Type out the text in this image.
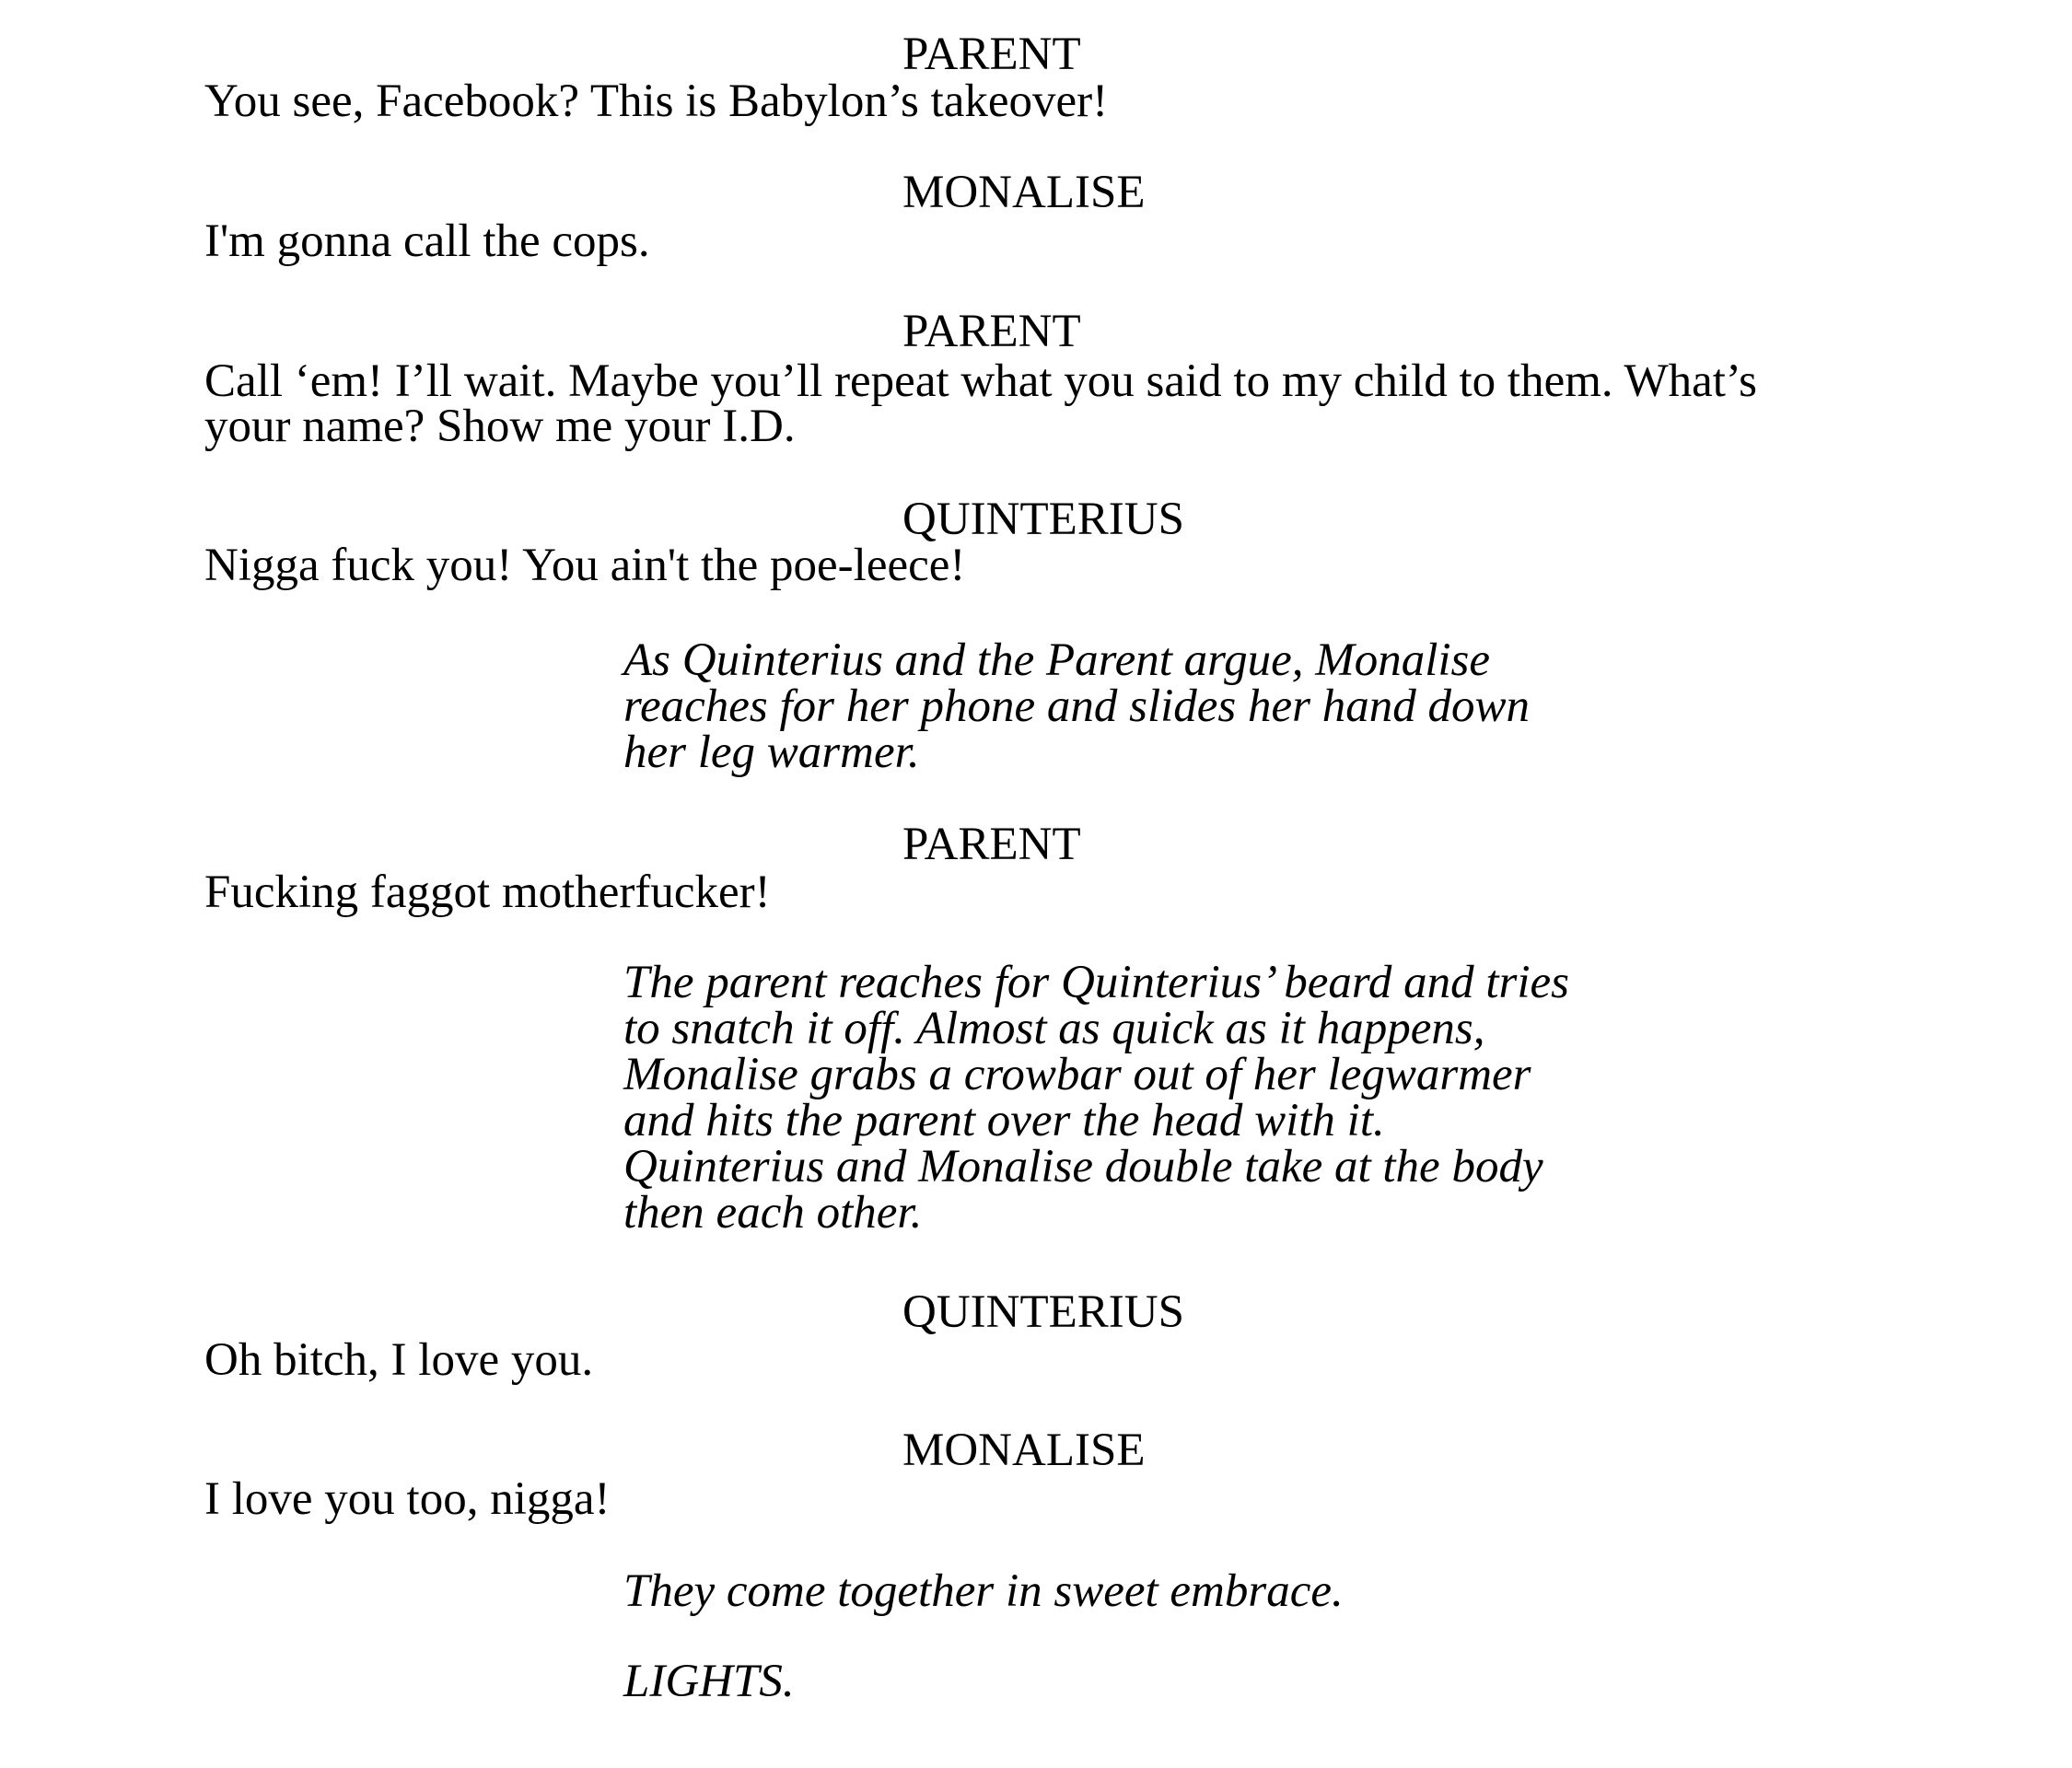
PARENT
You see, Facebook? This is Babylon’s takeover!
MONALISE
I'm gonna call the cops.
PARENT
Call ‘em! I’ll wait. Maybe you’ll repeat what you said to my child to them. What’s
your name? Show me your I.D.
QUINTERIUS
Nigga fuck you! You ain't the poe-leece!
As Quinterius and the Parent argue, Monalise
reaches for her phone and slides her hand down
her leg warmer.
PARENT
Fucking faggot motherfucker!
The parent reaches for Quinterius’ beard and tries
to snatch it off. Almost as quick as it happens,
Monalise grabs a crowbar out of her legwarmer
and hits the parent over the head with it.
Quinterius and Monalise double take at the body
then each other.
QUINTERIUS
Oh bitch, I love you.
MONALISE
I love you too, nigga!
They come together in sweet embrace.
LIGHTS.
